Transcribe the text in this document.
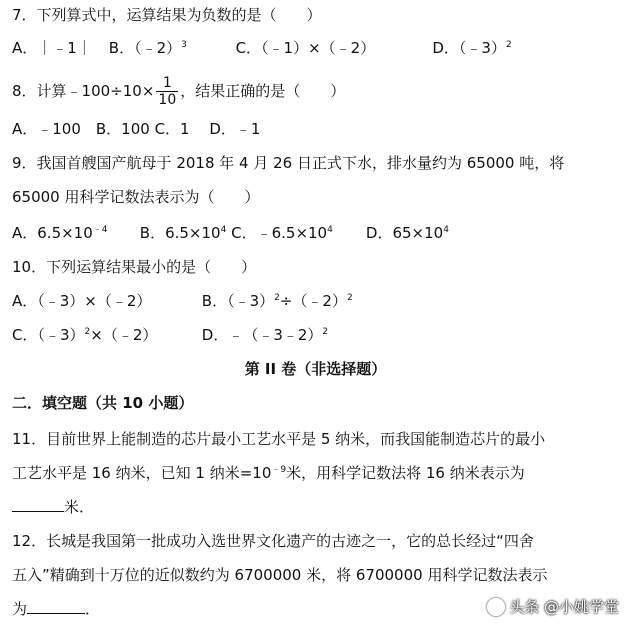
7．下列算式中，运算结果为负数的是（　　）
A．｜﹣1｜ B．（﹣2）$^3$	C．（﹣1）×（﹣2）	D．（﹣3）$^2$
8．计算﹣100÷10× $\frac{1}{10}$ ，结果正确的是（　　）
A．﹣100　B．100 C．1　 D．﹣1
9．我国首艘国产航母于 2018 年 4 月 26 日正式下水，排水量约为 65000 吨，将
65000 用科学记数法表示为（　　）
A．$6.5\times 10^{﹣4}$ B．$6.5\times 10^4$ C．$﹣6.5\times 10^4$ D．$65\times 10^4$
10．下列运算结果最小的是（　　）
A．（﹣3）×（﹣2）	B．（﹣3）$^2$÷（﹣2）$^2$
C．（﹣3）$^2$×（﹣2）	D．﹣（﹣3﹣2）$^2$
第 II 卷（非选择题）
二．填空题（共 10 小题）
11．目前世界上能制造的芯片最小工艺水平是 5 纳米，而我国能制造芯片的最小
工艺水平是 16 纳米，已知 1 纳米$=10^{﹣9}$米，用科学记数法将 16 纳米表示为
米．
12．长城是我国第一批成功入选世界文化遗产的古迹之一，它的总长经过“四舍
五入”精确到十万位的近似数约为 6700000 米，将 6700000 用科学记数法表示
为	．	头条 @小姚学堂
